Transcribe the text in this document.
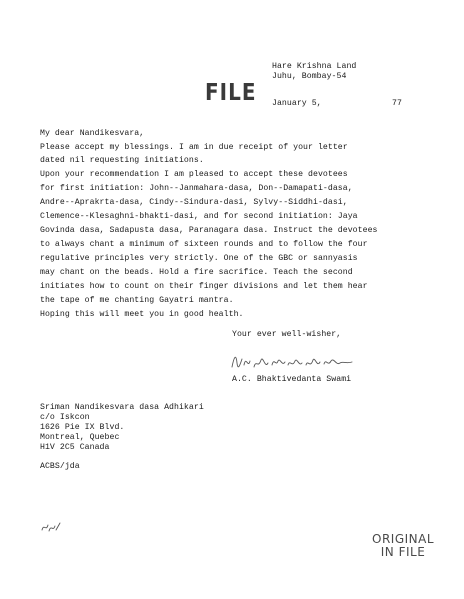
Hare Krishna Land
Juhu, Bombay-54
FILE January 5,	77
My dear Nandikesvara,
Please accept my blessings. I am in due receipt of your letter
dated nil requesting initiations.
Upon your recommendation I am pleased to accept these devotees
for first initiation: John--Janmahara-dasa, Don--Damapati-dasa,
Andre--Aprakrta-dasa, Cindy--Sindura-dasi, Sylvy--Siddhi-dasi,
Clemence--Klesaghni-bhakti-dasi, and for second initiation: Jaya
Govinda dasa, Sadapusta dasa, Paranagara dasa. Instruct the devotees
to always chant a minimum of sixteen rounds and to follow the four
regulative principles very strictly. One of the GBC or sannyasis
may chant on the beads. Hold a fire sacrifice. Teach the second
initiates how to count on their finger divisions and let them hear
the tape of me chanting Gayatri mantra.
Hoping this will meet you in good health.
Your ever well-wisher,
A.C. Bhaktivedanta Swami
Sriman Nandikesvara dasa Adhikari
c/o Iskcon
1626 Pie IX Blvd.
Montreal, Quebec
H1V 2C5 Canada
ACBS/jda
ORIGINAL
IN FILE
